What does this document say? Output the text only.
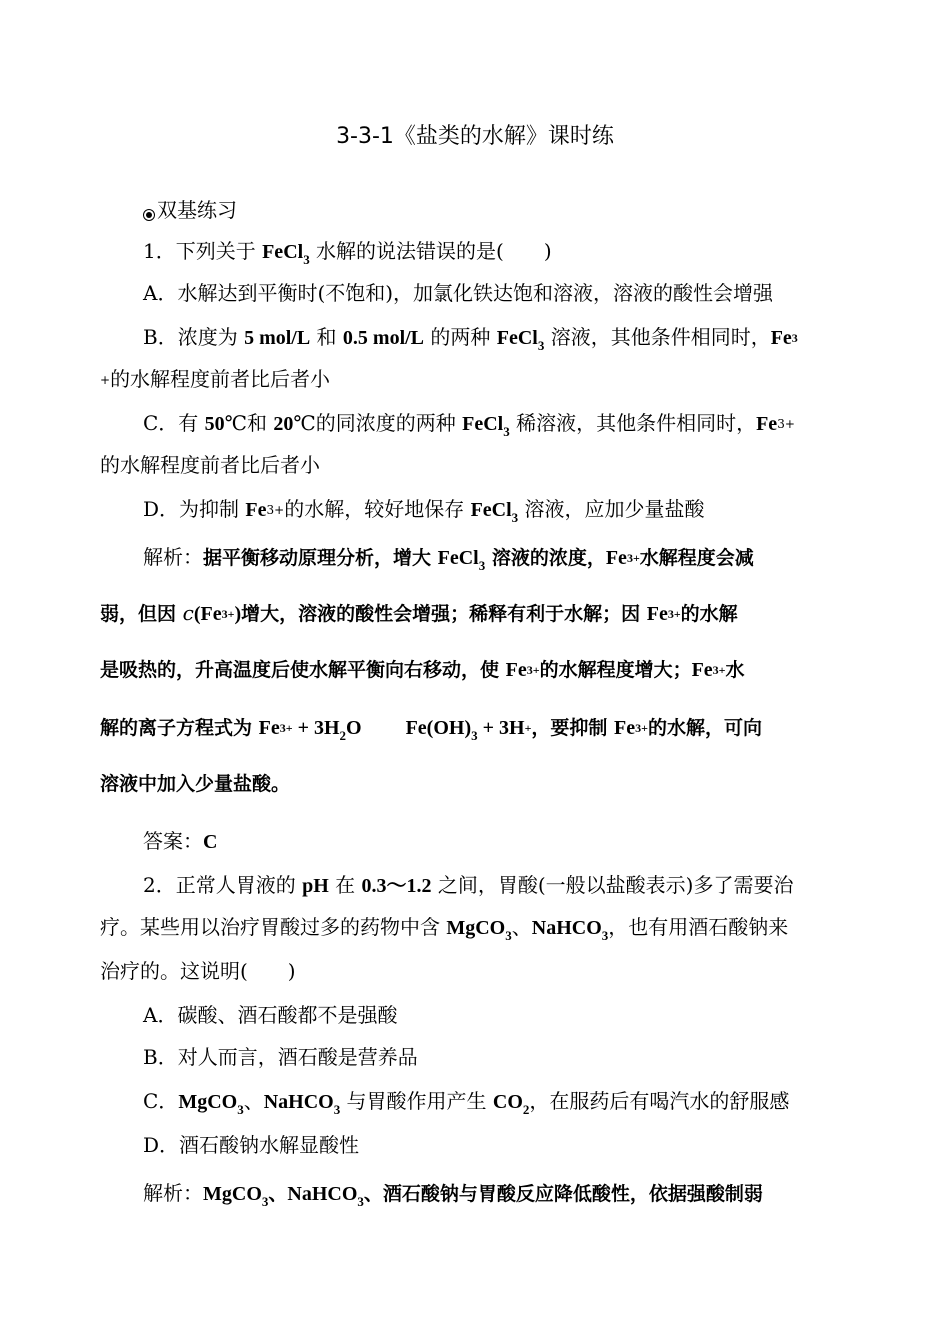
3-3-1《盐类的水解》课时练
双基练习
1．下列关于 FeCl$_3$ 水解的说法错误的是(　　)
A．水解达到平衡时(不饱和)，加氯化铁达饱和溶液，溶液的酸性会增强
B．浓度为 5 mol/L 和 0.5 mol/L 的两种 FeCl$_3$ 溶液，其他条件相同时，Fe3
+的水解程度前者比后者小
C．有 50℃和 20℃的同浓度的两种 FeCl$_3$ 稀溶液，其他条件相同时，Fe3+
的水解程度前者比后者小
D．为抑制 Fe3+的水解，较好地保存 FeCl$_3$ 溶液，应加少量盐酸
解析：据平衡移动原理分析，增大 FeCl$_3$ 溶液的浓度，Fe3+水解程度会减
弱，但因 c(Fe3+)增大，溶液的酸性会增强；稀释有利于水解；因 Fe3+的水解
是吸热的，升高温度后使水解平衡向右移动，使 Fe3+的水解程度增大；Fe3+水
解的离子方程式为 $Fe3+ + 3H_2O$ $Fe(OH)_3 + 3H+$，要抑制 Fe3+的水解，可向
溶液中加入少量盐酸。
答案：C
2．正常人胃液的 pH 在 0.3～1.2 之间，胃酸(一般以盐酸表示)多了需要治
疗。某些用以治疗胃酸过多的药物中含 MgCO$_3$、NaHCO$_3$，也有用酒石酸钠来
治疗的。这说明(　　)
A．碳酸、酒石酸都不是强酸
B．对人而言，酒石酸是营养品
C．MgCO$_3$、NaHCO$_3$ 与胃酸作用产生 $CO_2$，在服药后有喝汽水的舒服感
D．酒石酸钠水解显酸性
解析：MgCO$_3$、NaHCO$_3$、酒石酸钠与胃酸反应降低酸性，依据强酸制弱
